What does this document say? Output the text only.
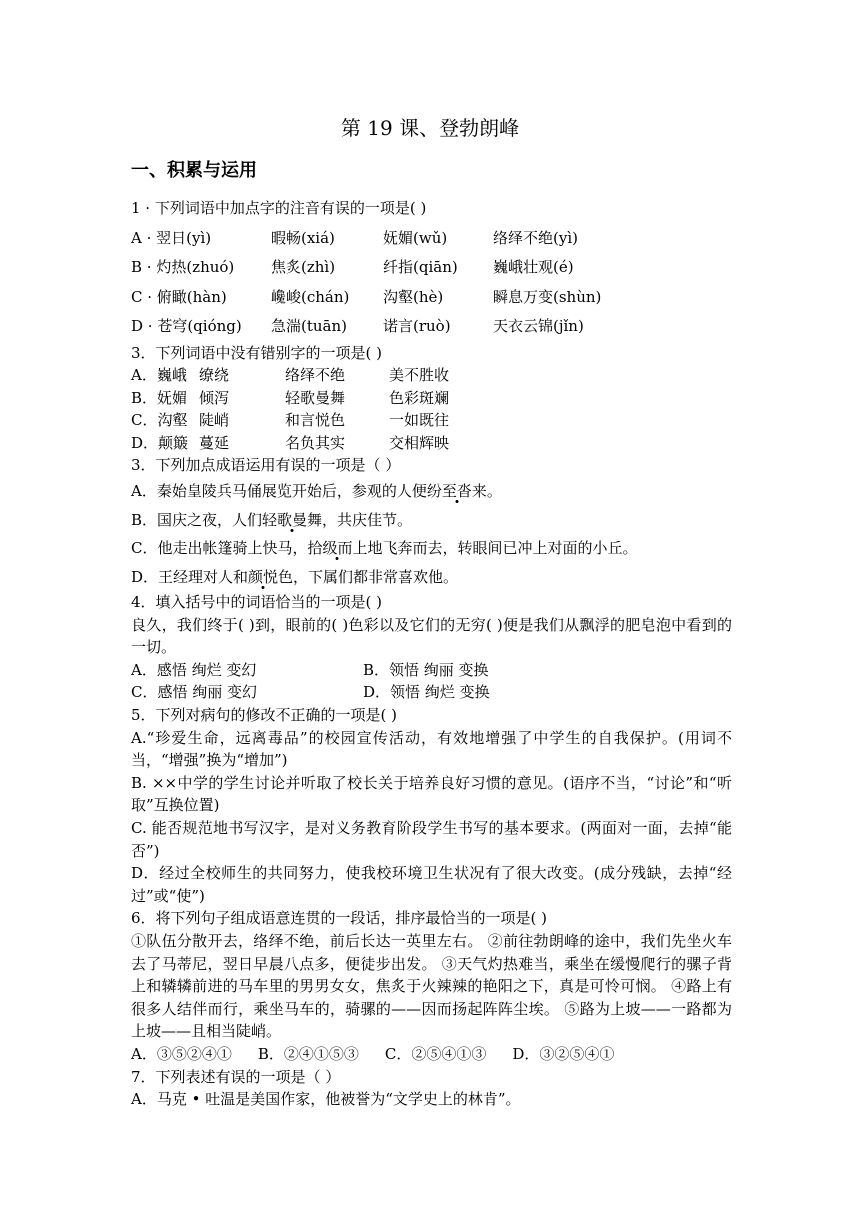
第 19 课、登勃朗峰
一、积累与运用
1 · 下列词语中加点字的注音有误的一项是( )
A · 翌日(yì)	暇畅(xiá)	妩媚(wǔ)	络绎不绝(yì)
B · 灼热(zhuó)	焦炙(zhì)	纤指(qiān)	巍峨壮观(é)
C · 俯瞰(hàn)	巉峻(chán)	沟壑(hè)	瞬息万变(shùn)
D · 苍穹(qióng)	急湍(tuān)	诺言(ruò)	天衣云锦(jǐn)
3．下列词语中没有错别字的一项是( )
A．巍峨 缭绕	络绎不绝	美不胜收
B．妩媚 倾泻	轻歌曼舞	色彩斑斓
C．沟壑 陡峭	和言悦色	一如既往
D．颠簸 蔓延	名负其实	交相辉映
3．下列加点成语运用有误的一项是（ ）
A．秦始皇陵兵马俑展览开始后，参观的人便纷至沓来。
B．国庆之夜，人们轻歌曼舞，共庆佳节。
C．他走出帐篷骑上快马，拾级而上地飞奔而去，转眼间已冲上对面的小丘。
D．王经理对人和颜悦色，下属们都非常喜欢他。
4．填入括号中的词语恰当的一项是( )
良久，我们终于( )到，眼前的( )色彩以及它们的无穷( )便是我们从飘浮的肥皂泡中看到的一切。
A．感悟 绚烂 变幻	B．领悟 绚丽 变换
C．感悟 绚丽 变幻	D．领悟 绚烂 变换
5．下列对病句的修改不正确的一项是( )
A.“珍爱生命，远离毒品”的校园宣传活动，有效地增强了中学生的自我保护。(用词不当，“增强”换为“增加”)
B. ××中学的学生讨论并听取了校长关于培养良好习惯的意见。(语序不当，“讨论”和“听取”互换位置)
C. 能否规范地书写汉字，是对义务教育阶段学生书写的基本要求。(两面对一面，去掉“能否”)
D．经过全校师生的共同努力，使我校环境卫生状况有了很大改变。(成分残缺，去掉“经过”或“使”)
6．将下列句子组成语意连贯的一段话，排序最恰当的一项是( )
①队伍分散开去，络绎不绝，前后长达一英里左右。 ②前往勃朗峰的途中，我们先坐火车去了马蒂尼，翌日早晨八点多，便徒步出发。 ③天气灼热难当，乘坐在缓慢爬行的骡子背上和辚辚前进的马车里的男男女女，焦炙于火辣辣的艳阳之下，真是可怜可悯。 ④路上有很多人结伴而行，乘坐马车的，骑骡的——因而扬起阵阵尘埃。 ⑤路为上坡——一路都为上坡——且相当陡峭。
A．③⑤②④① B．②④①⑤③ C．②⑤④①③ D．③②⑤④①
7．下列表述有误的一项是（ ）
A．马克 • 吐温是美国作家，他被誉为“文学史上的林肯”。
